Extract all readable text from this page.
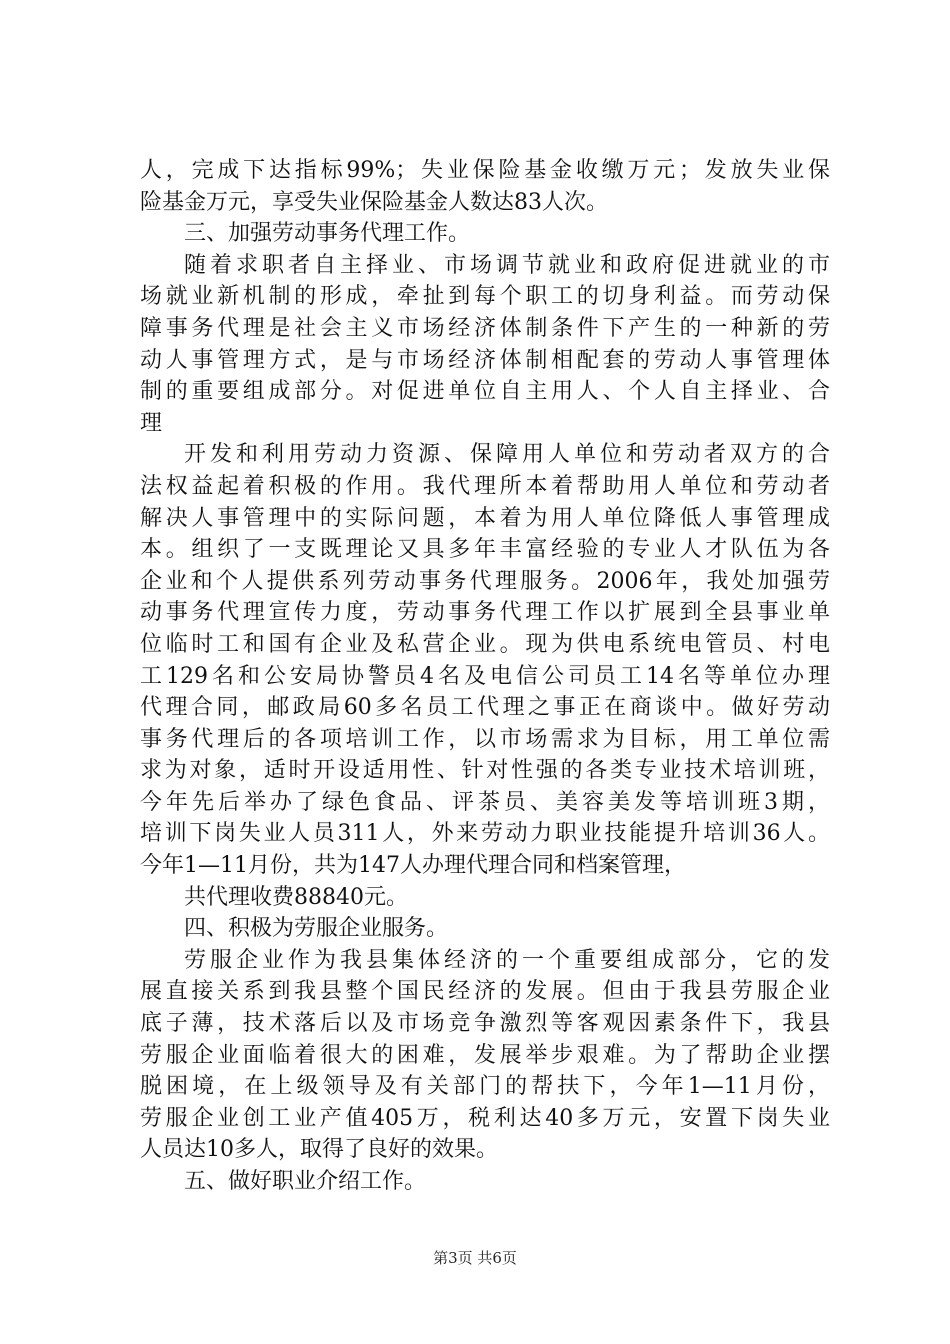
人，完成下达指标99%；失业保险基金收缴万元；发放失业保
险基金万元，享受失业保险基金人数达83人次。
三、加强劳动事务代理工作。
随着求职者自主择业、市场调节就业和政府促进就业的市
场就业新机制的形成，牵扯到每个职工的切身利益。而劳动保
障事务代理是社会主义市场经济体制条件下产生的一种新的劳
动人事管理方式，是与市场经济体制相配套的劳动人事管理体
制的重要组成部分。对促进单位自主用人、个人自主择业、合
理
开发和利用劳动力资源、保障用人单位和劳动者双方的合
法权益起着积极的作用。我代理所本着帮助用人单位和劳动者
解决人事管理中的实际问题，本着为用人单位降低人事管理成
本。组织了一支既理论又具多年丰富经验的专业人才队伍为各
企业和个人提供系列劳动事务代理服务。2006年，我处加强劳
动事务代理宣传力度，劳动事务代理工作以扩展到全县事业单
位临时工和国有企业及私营企业。现为供电系统电管员、村电
工129名和公安局协警员4名及电信公司员工14名等单位办理
代理合同，邮政局60多名员工代理之事正在商谈中。做好劳动
事务代理后的各项培训工作，以市场需求为目标，用工单位需
求为对象，适时开设适用性、针对性强的各类专业技术培训班，
今年先后举办了绿色食品、评茶员、美容美发等培训班3期，
培训下岗失业人员311人，外来劳动力职业技能提升培训36人。
今年1—11月份，共为147人办理代理合同和档案管理，
共代理收费88840元。
四、积极为劳服企业服务。
劳服企业作为我县集体经济的一个重要组成部分，它的发
展直接关系到我县整个国民经济的发展。但由于我县劳服企业
底子薄，技术落后以及市场竞争激烈等客观因素条件下，我县
劳服企业面临着很大的困难，发展举步艰难。为了帮助企业摆
脱困境，在上级领导及有关部门的帮扶下，今年1—11月份，
劳服企业创工业产值405万，税利达40多万元，安置下岗失业
人员达10多人，取得了良好的效果。
五、做好职业介绍工作。
第3页 共6页
